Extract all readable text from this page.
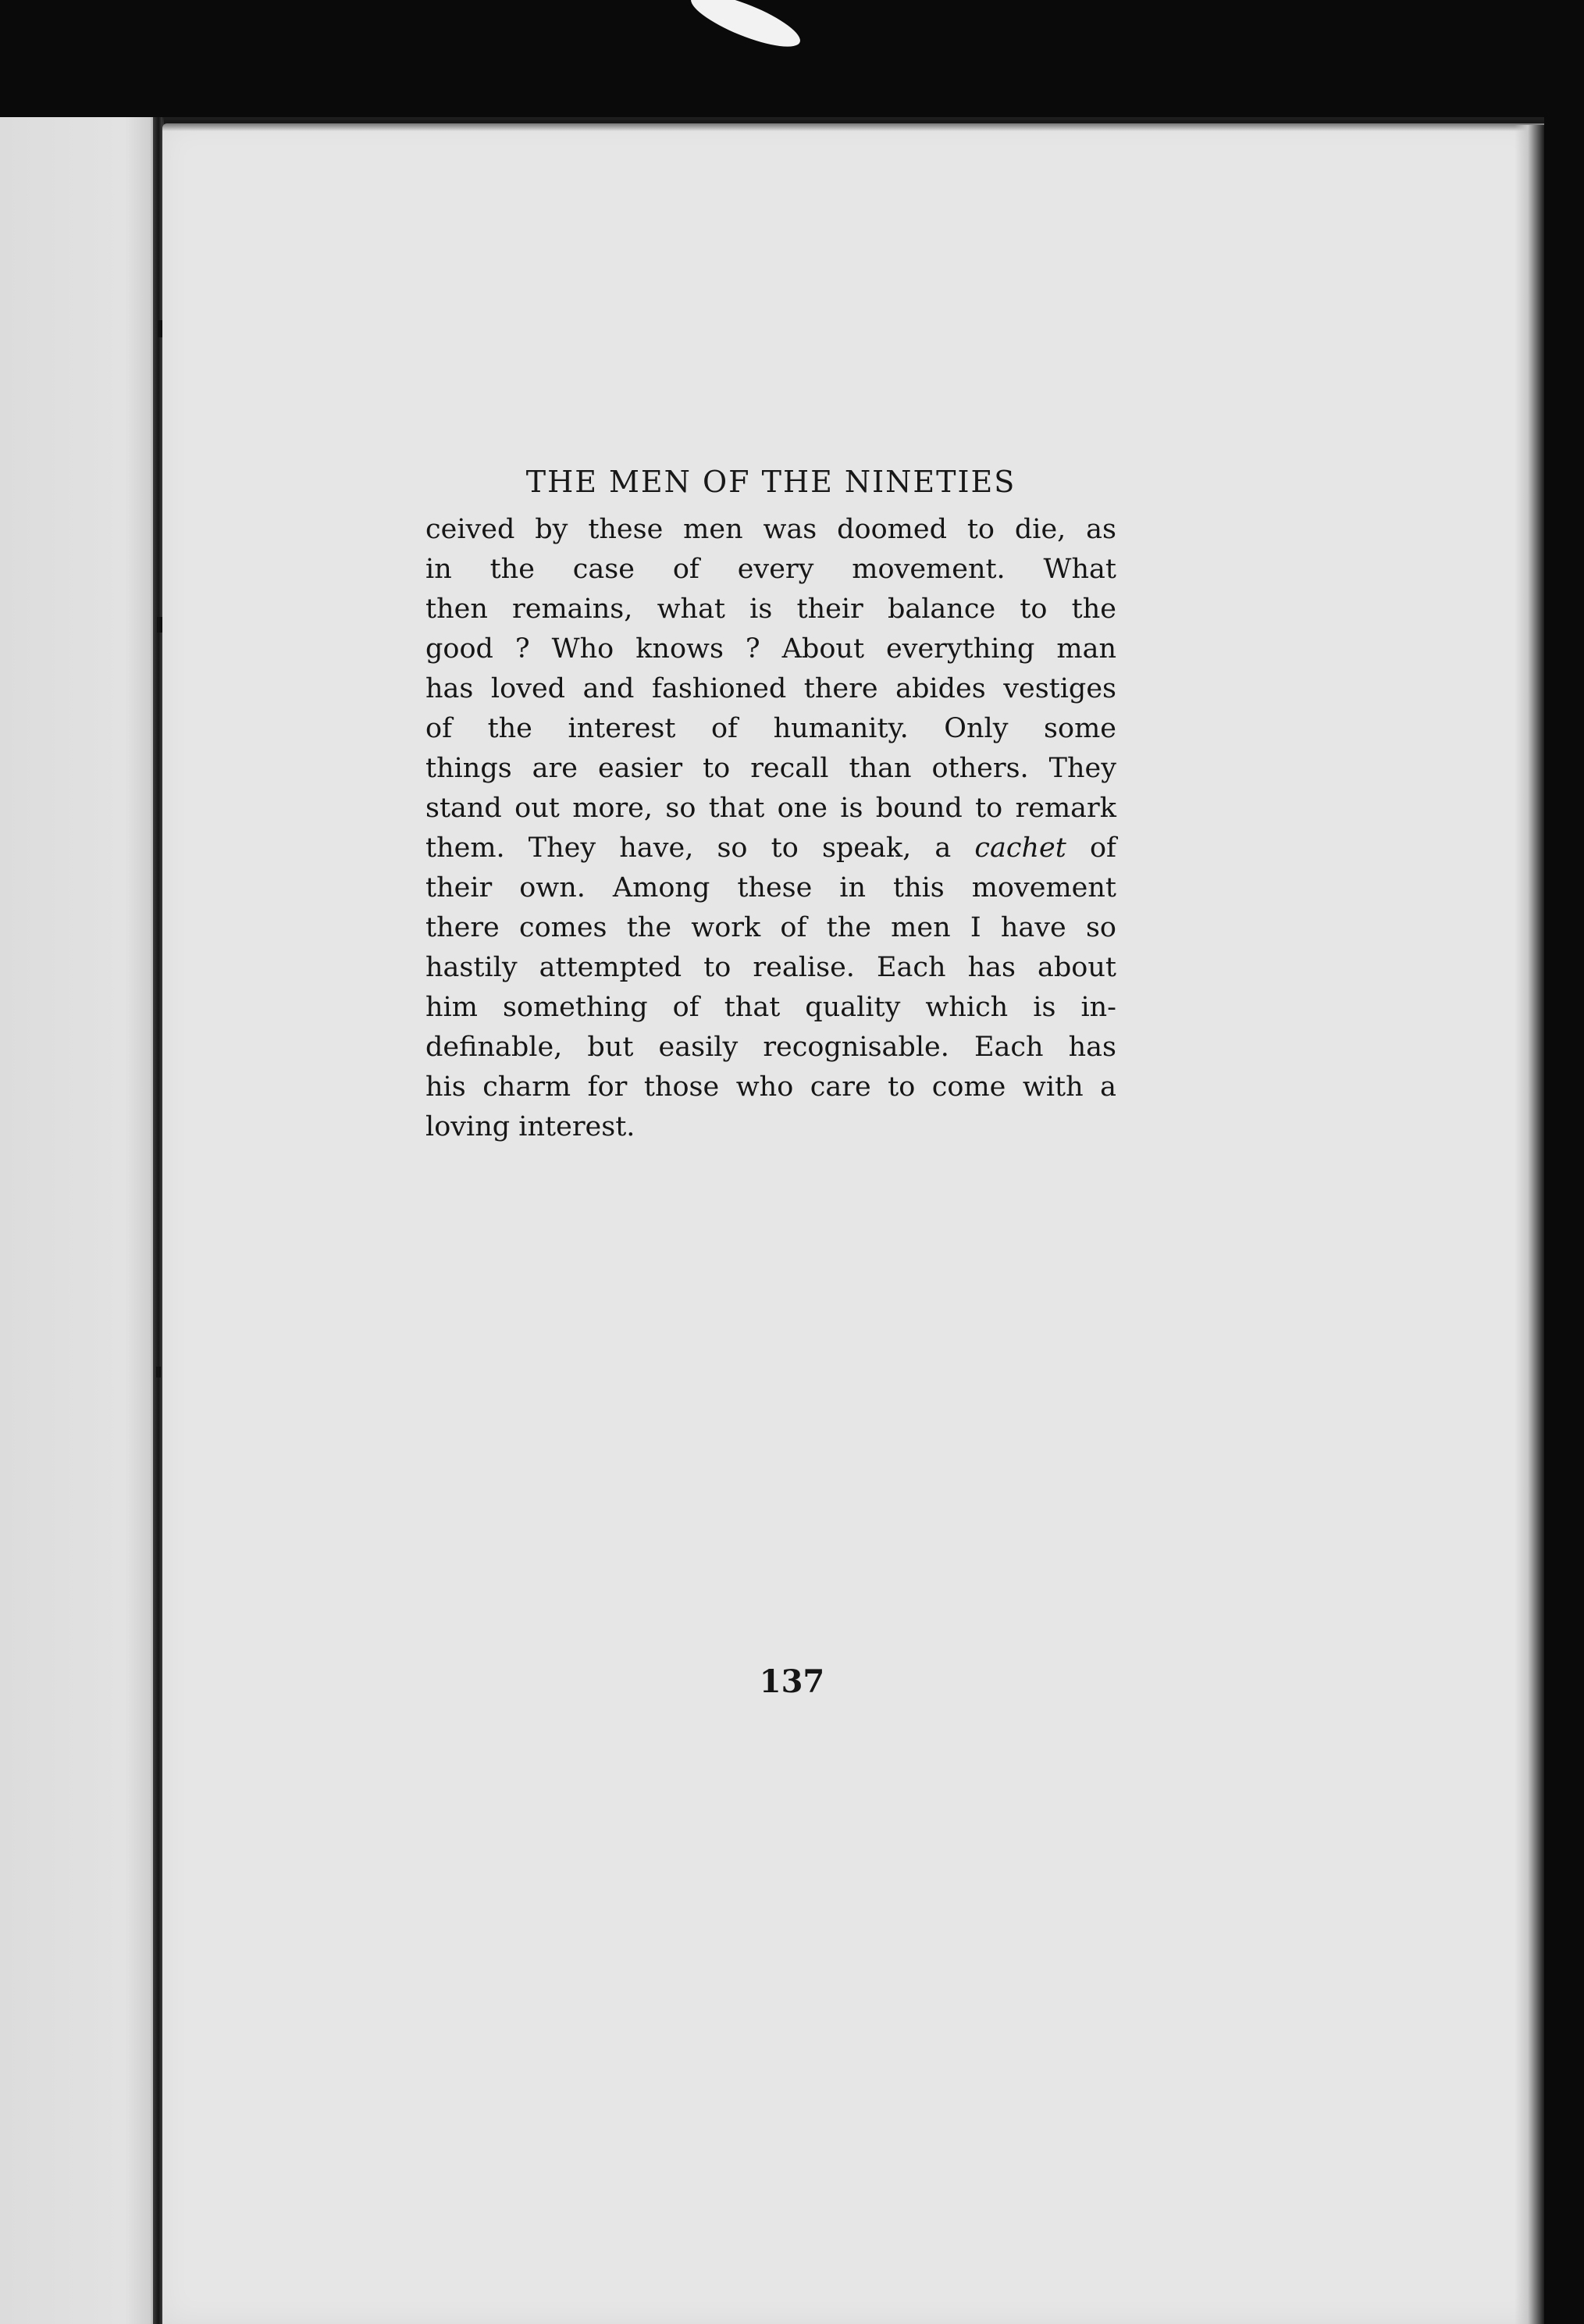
THE MEN OF THE NINETIES

ceived by these men was doomed to die, as
in the case of every movement. What
then remains, what is their balance to the
good ? Who knows ? About everything man
has loved and fashioned there abides vestiges
of the interest of humanity. Only some
things are easier to recall than others. They
stand out more, so that one is bound to remark
them. They have, so to speak, a cachet of
their own. Among these in this movement
there comes the work of the men I have so
hastily attempted to realise. Each has about
him something of that quality which is in-
definable, but easily recognisable. Each has
his charm for those who care to come with a
loving interest.

137
